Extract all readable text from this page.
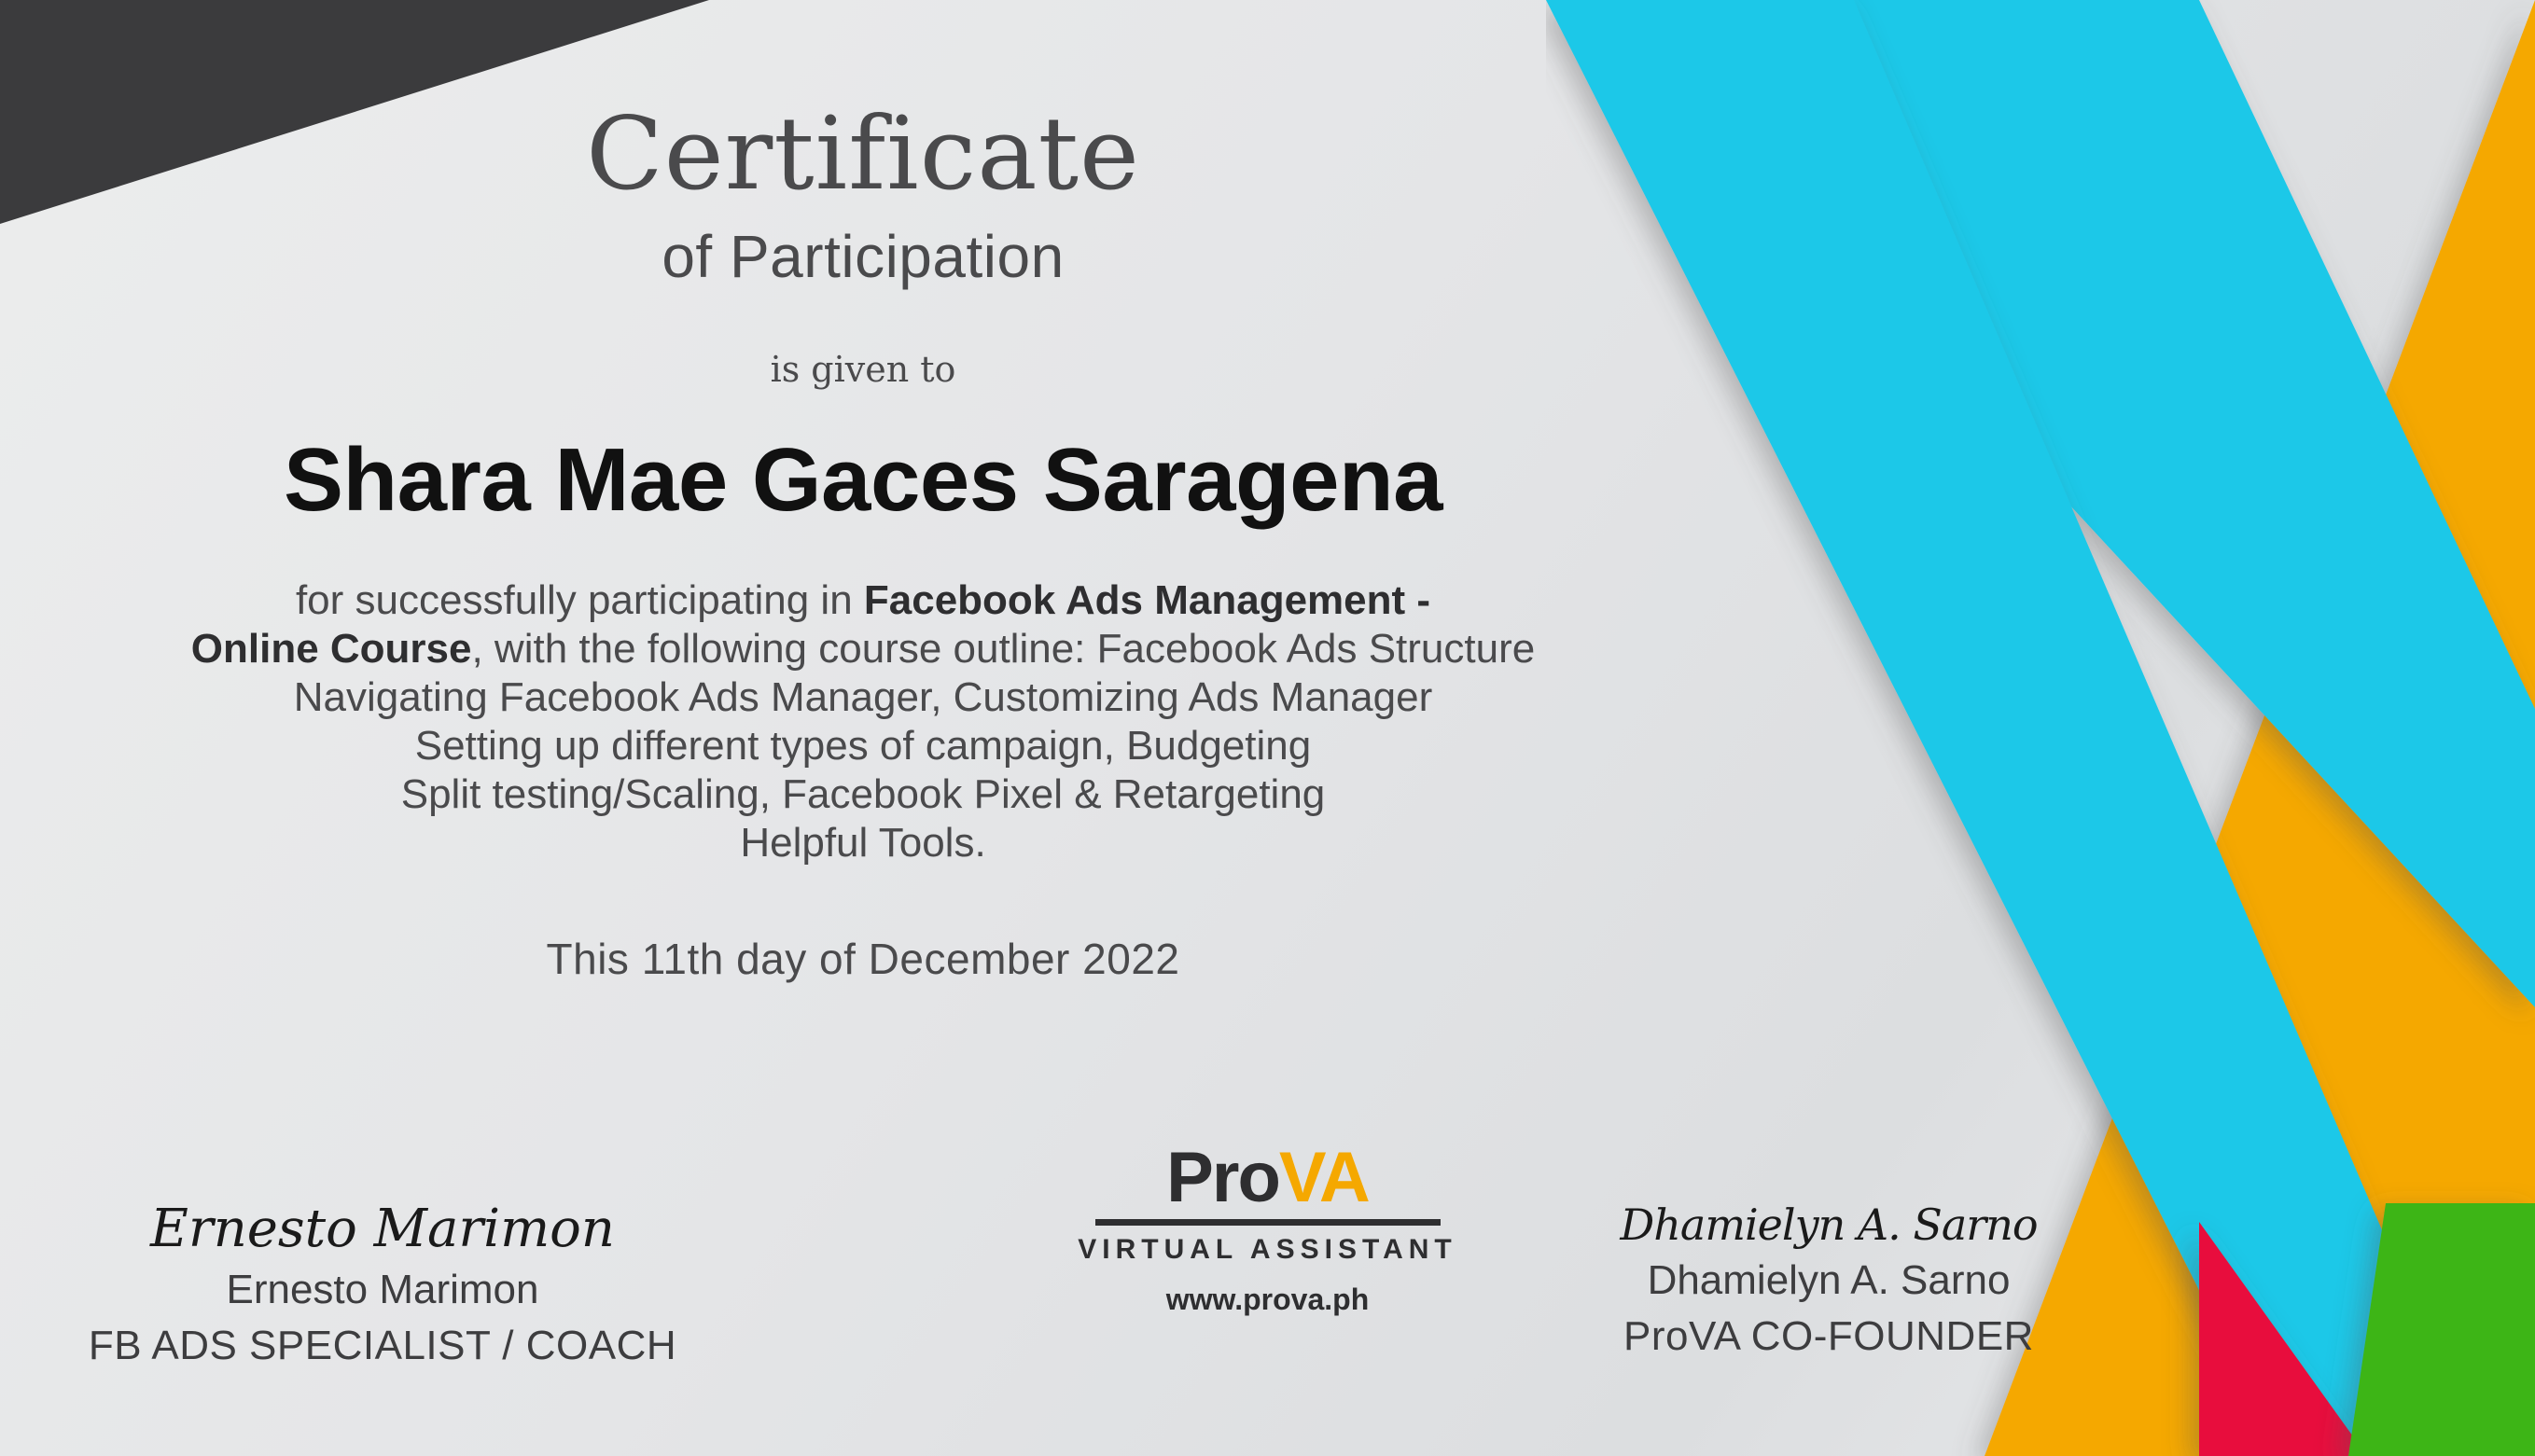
Certificate
of Participation
is given to
Shara Mae Gaces Saragena
for successfully participating in Facebook Ads Management -
Online Course, with the following course outline: Facebook Ads Structure
Navigating Facebook Ads Manager, Customizing Ads Manager
Setting up different types of campaign, Budgeting
Split testing/Scaling, Facebook Pixel & Retargeting
Helpful Tools.
This 11th day of December 2022
ProVA
VIRTUAL ASSISTANT
www.prova.ph
Ernesto Marimon
Ernesto Marimon
FB ADS SPECIALIST / COACH
Dhamielyn A. Sarno
Dhamielyn A. Sarno
ProVA CO-FOUNDER
